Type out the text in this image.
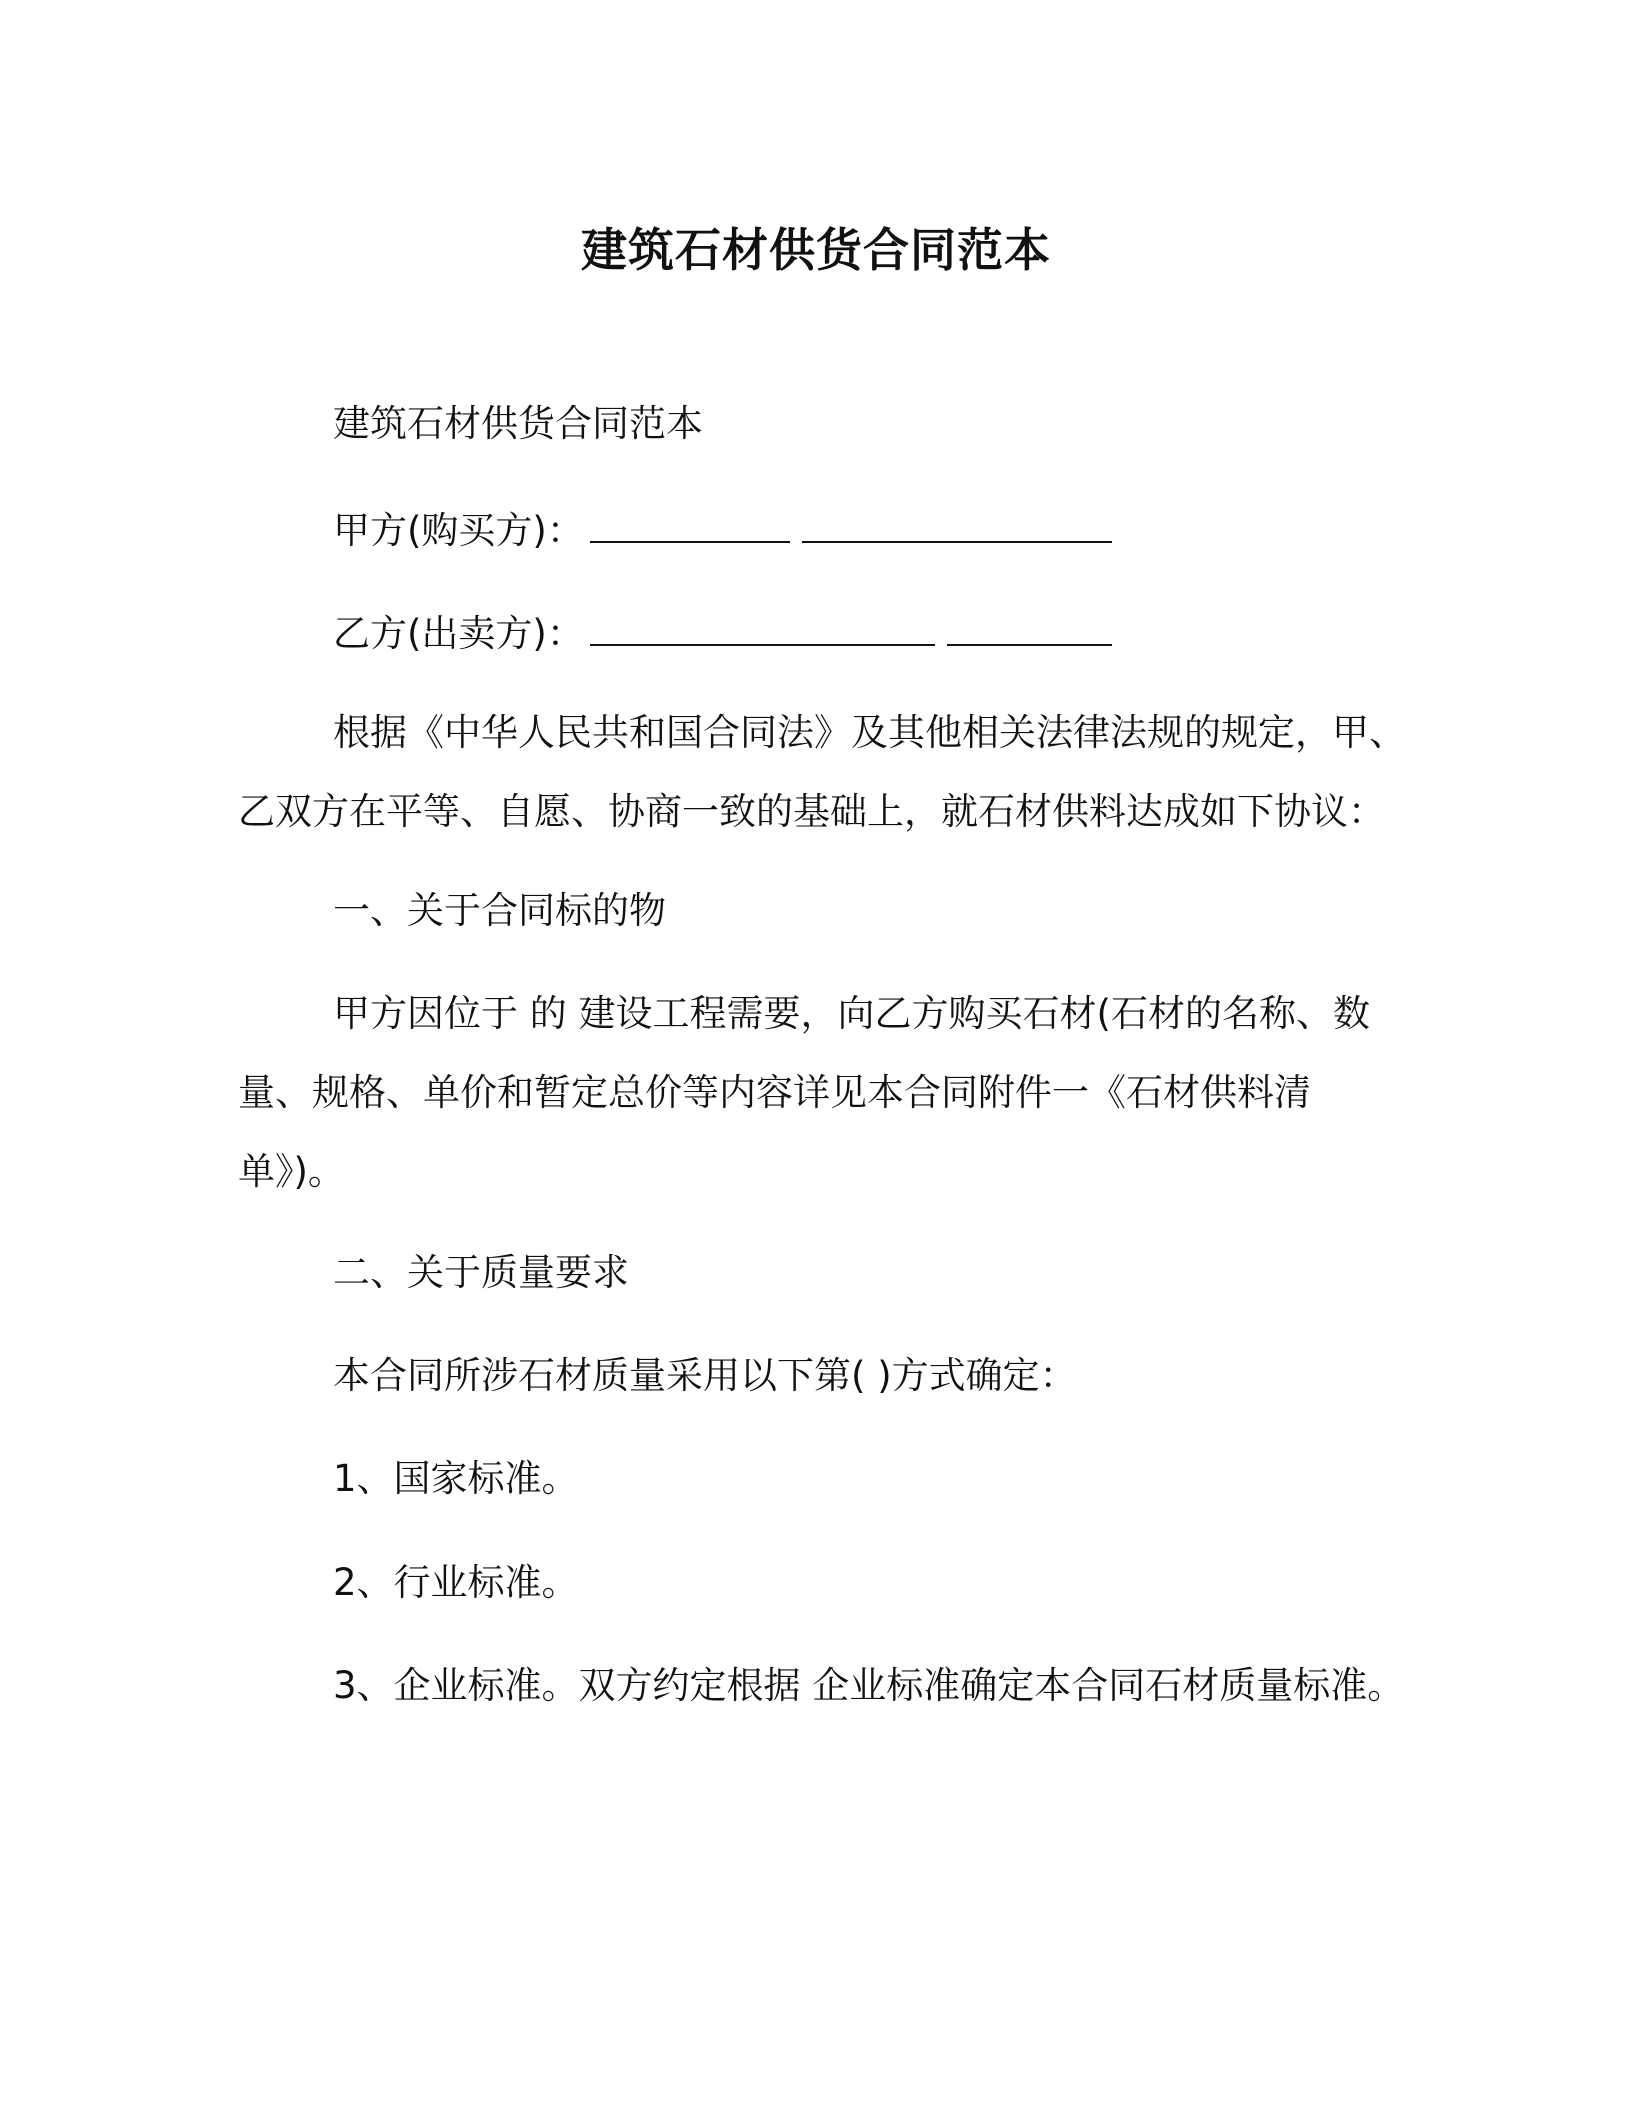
建筑石材供货合同范本
建筑石材供货合同范本
甲方(购买方)：
乙方(出卖方)：
根据《中华人民共和国合同法》及其他相关法律法规的规定，甲、
乙双方在平等、自愿、协商一致的基础上，就石材供料达成如下协议：
一、关于合同标的物
甲方因位于 的 建设工程需要，向乙方购买石材(石材的名称、数
量、规格、单价和暂定总价等内容详见本合同附件一《石材供料清
单》)。
二、关于质量要求
本合同所涉石材质量采用以下第( )方式确定：
1、国家标准。
2、行业标准。
3、企业标准。双方约定根据 企业标准确定本合同石材质量标准。
